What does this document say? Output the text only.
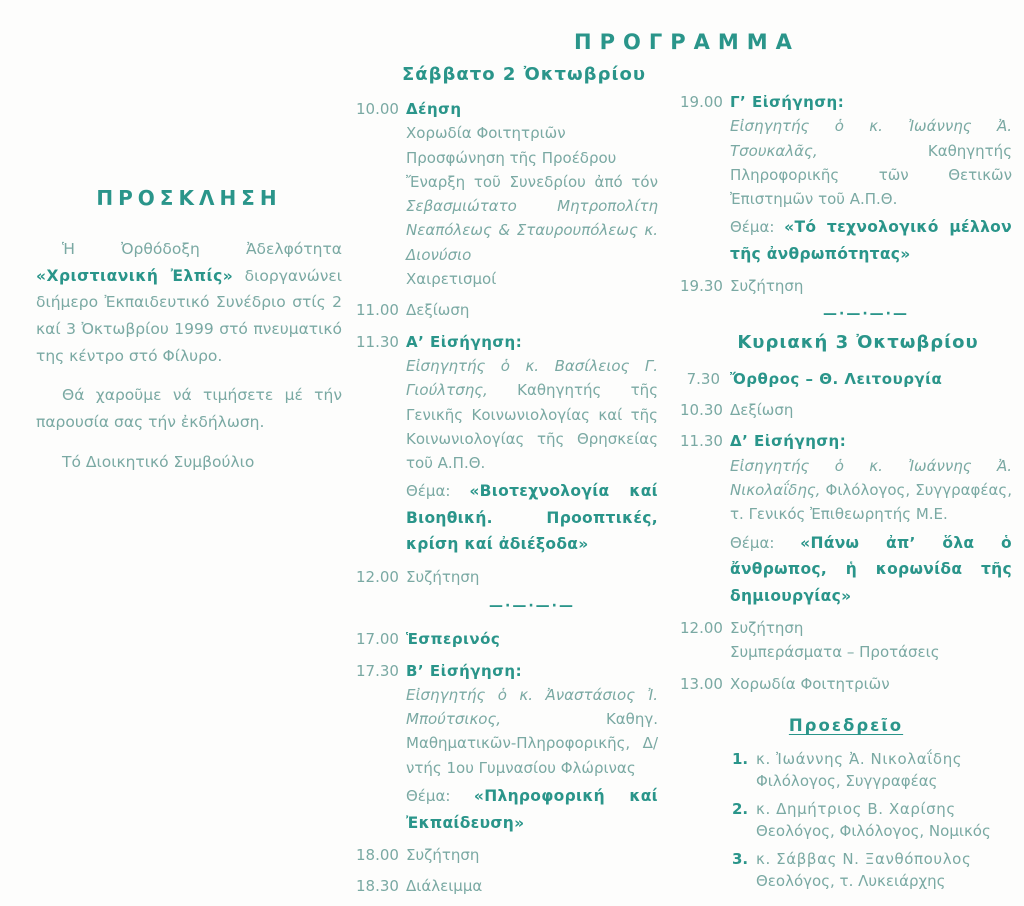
ΠΡΟΓΡΑΜΜΑ
ΠΡΟΣΚΛΗΣΗ

Ἡ Ὀρθόδοξη Ἀδελφότητα «Χριστιανική Ἐλπίς» διοργανώνει διήμερο Ἐκπαιδευτικό Συνέδριο στίς 2 καί 3 Ὀκτωβρίου 1999 στό πνευματικό της κέντρο στό Φίλυρο.

Θά χαροῦμε νά τιμήσετε μέ τήν παρουσία σας τήν ἐκδήλωση.

Τό Διοικητικό Συμβούλιο

Σάββατο 2 Ὀκτωβρίου
10.00 Δέηση
Χορωδία Φοιτητριῶν
Προσφώνηση τῆς Προέδρου
Ἔναρξη τοῦ Συνεδρίου ἀπό τόν Σεβασμιώτατο Μητροπολίτη Νεαπόλεως & Σταυρουπόλεως κ. Διονύσιο
Χαιρετισμοί
11.00 Δεξίωση
11.30 Α’ Εἰσήγηση:
Εἰσηγητής ὁ κ. Βασίλειος Γ. Γιούλτσης, Καθηγητής τῆς Γενικῆς Κοινωνιολογίας καί τῆς Κοινωνιολογίας τῆς Θρησκείας τοῦ Α.Π.Θ.
Θέμα: «Βιοτεχνολογία καί Βιοηθική. Προοπτικές, κρίση καί ἀδιέξοδα»
12.00 Συζήτηση
—·—·—·—
17.00 Ἑσπερινός
17.30 Β’ Εἰσήγηση:
Εἰσηγητής ὁ κ. Ἀναστάσιος Ἰ. Μπούτσικος, Καθηγ. Μαθηματικῶν-Πληροφορικῆς, Δ/ντής 1ου Γυμνασίου Φλώρινας
Θέμα: «Πληροφορική καί Ἐκπαίδευση»
18.00 Συζήτηση
18.30 Διάλειμμα
19.00 Γ’ Εἰσήγηση:
Εἰσηγητής ὁ κ. Ἰωάννης Ἀ. Τσουκαλᾶς, Καθηγητής Πληροφορικῆς τῶν Θετικῶν Ἐπιστημῶν τοῦ Α.Π.Θ.
Θέμα: «Τό τεχνολογικό μέλλον τῆς ἀνθρωπότητας»
19.30 Συζήτηση
—·—·—·—
Κυριακή 3 Ὀκτωβρίου
7.30 Ὄρθρος – Θ. Λειτουργία
10.30 Δεξίωση
11.30 Δ’ Εἰσήγηση:
Εἰσηγητής ὁ κ. Ἰωάννης Ἀ. Νικολαΐδης, Φιλόλογος, Συγγραφέας, τ. Γενικός Ἐπιθεωρητής Μ.Ε.
Θέμα: «Πάνω ἀπ’ ὅλα ὁ ἄνθρωπος, ἡ κορωνίδα τῆς δημιουργίας»
12.00 Συζήτηση
Συμπεράσματα – Προτάσεις
13.00 Χορωδία Φοιτητριῶν
Προεδρεῖο
1. κ. Ἰωάννης Ἀ. Νικολαΐδης
Φιλόλογος, Συγγραφέας
2. κ. Δημήτριος Β. Χαρίσης
Θεολόγος, Φιλόλογος, Νομικός
3. κ. Σάββας Ν. Ξανθόπουλος
Θεολόγος, τ. Λυκειάρχης
